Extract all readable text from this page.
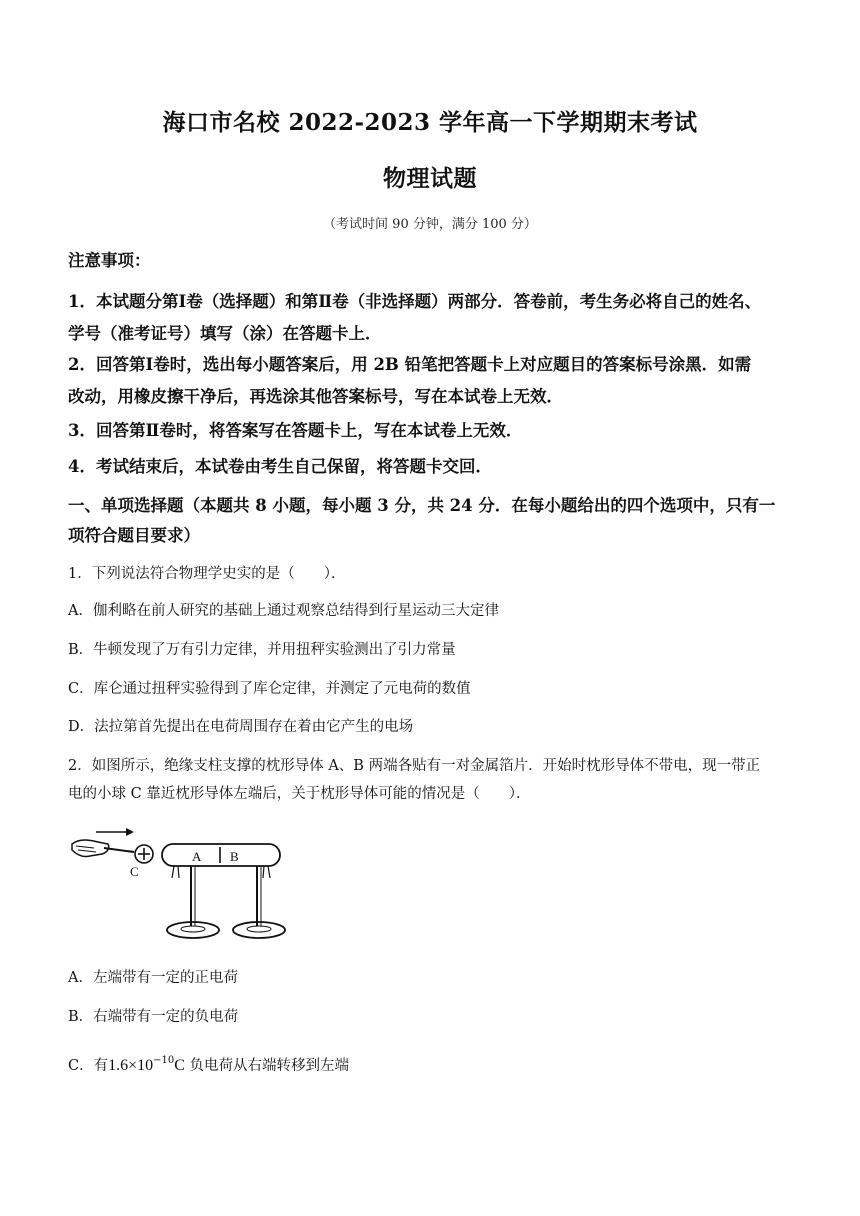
海口市名校 2022-2023 学年高一下学期期末考试
物理试题
（考试时间 90 分钟，满分 100 分）
注意事项：
1．本试题分第Ⅰ卷（选择题）和第Ⅱ卷（非选择题）两部分．答卷前，考生务必将自己的姓名、
学号（准考证号）填写（涂）在答题卡上．
2．回答第Ⅰ卷时，选出每小题答案后，用 2B 铅笔把答题卡上对应题目的答案标号涂黑．如需
改动，用橡皮擦干净后，再选涂其他答案标号，写在本试卷上无效．
3．回答第Ⅱ卷时，将答案写在答题卡上，写在本试卷上无效．
4．考试结束后，本试卷由考生自己保留，将答题卡交回．
一、单项选择题（本题共 8 小题，每小题 3 分，共 24 分．在每小题给出的四个选项中，只有一
项符合题目要求）
1．下列说法符合物理学史实的是（　　）．
A．伽利略在前人研究的基础上通过观察总结得到行星运动三大定律
B．牛顿发现了万有引力定律，并用扭秤实验测出了引力常量
C．库仑通过扭秤实验得到了库仑定律，并测定了元电荷的数值
D．法拉第首先提出在电荷周围存在着由它产生的电场
2．如图所示，绝缘支柱支撑的枕形导体 A、B 两端各贴有一对金属箔片．开始时枕形导体不带电，现一带正
电的小球 C 靠近枕形导体左端后，关于枕形导体可能的情况是（　　）．
C
A B
A．左端带有一定的正电荷
B．右端带有一定的负电荷
C．有$1.6\times 10^{-10}C$ 负电荷从右端转移到左端
